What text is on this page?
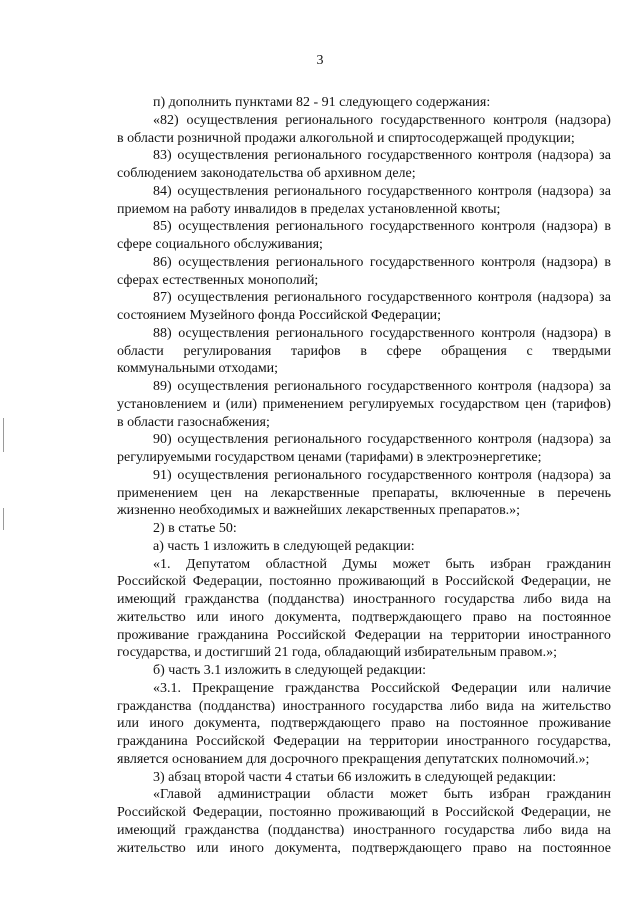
3
п) дополнить пунктами 82 - 91 следующего содержания:
«82) осуществления регионального государственного контроля (надзора)
в области розничной продажи алкогольной и спиртосодержащей продукции;
83) осуществления регионального государственного контроля (надзора) за
соблюдением законодательства об архивном деле;
84) осуществления регионального государственного контроля (надзора) за
приемом на работу инвалидов в пределах установленной квоты;
85) осуществления регионального государственного контроля (надзора) в
сфере социального обслуживания;
86) осуществления регионального государственного контроля (надзора) в
сферах естественных монополий;
87) осуществления регионального государственного контроля (надзора) за
состоянием Музейного фонда Российской Федерации;
88) осуществления регионального государственного контроля (надзора) в
области регулирования тарифов в сфере обращения с твердыми
коммунальными отходами;
89) осуществления регионального государственного контроля (надзора) за
установлением и (или) применением регулируемых государством цен (тарифов)
в области газоснабжения;
90) осуществления регионального государственного контроля (надзора) за
регулируемыми государством ценами (тарифами) в электроэнергетике;
91) осуществления регионального государственного контроля (надзора) за
применением цен на лекарственные препараты, включенные в перечень
жизненно необходимых и важнейших лекарственных препаратов.»;
2) в статье 50:
а) часть 1 изложить в следующей редакции:
«1. Депутатом областной Думы может быть избран гражданин
Российской Федерации, постоянно проживающий в Российской Федерации, не
имеющий гражданства (подданства) иностранного государства либо вида на
жительство или иного документа, подтверждающего право на постоянное
проживание гражданина Российской Федерации на территории иностранного
государства, и достигший 21 года, обладающий избирательным правом.»;
б) часть 3.1 изложить в следующей редакции:
«3.1. Прекращение гражданства Российской Федерации или наличие
гражданства (подданства) иностранного государства либо вида на жительство
или иного документа, подтверждающего право на постоянное проживание
гражданина Российской Федерации на территории иностранного государства,
является основанием для досрочного прекращения депутатских полномочий.»;
3) абзац второй части 4 статьи 66 изложить в следующей редакции:
«Главой администрации области может быть избран гражданин
Российской Федерации, постоянно проживающий в Российской Федерации, не
имеющий гражданства (подданства) иностранного государства либо вида на
жительство или иного документа, подтверждающего право на постоянное
